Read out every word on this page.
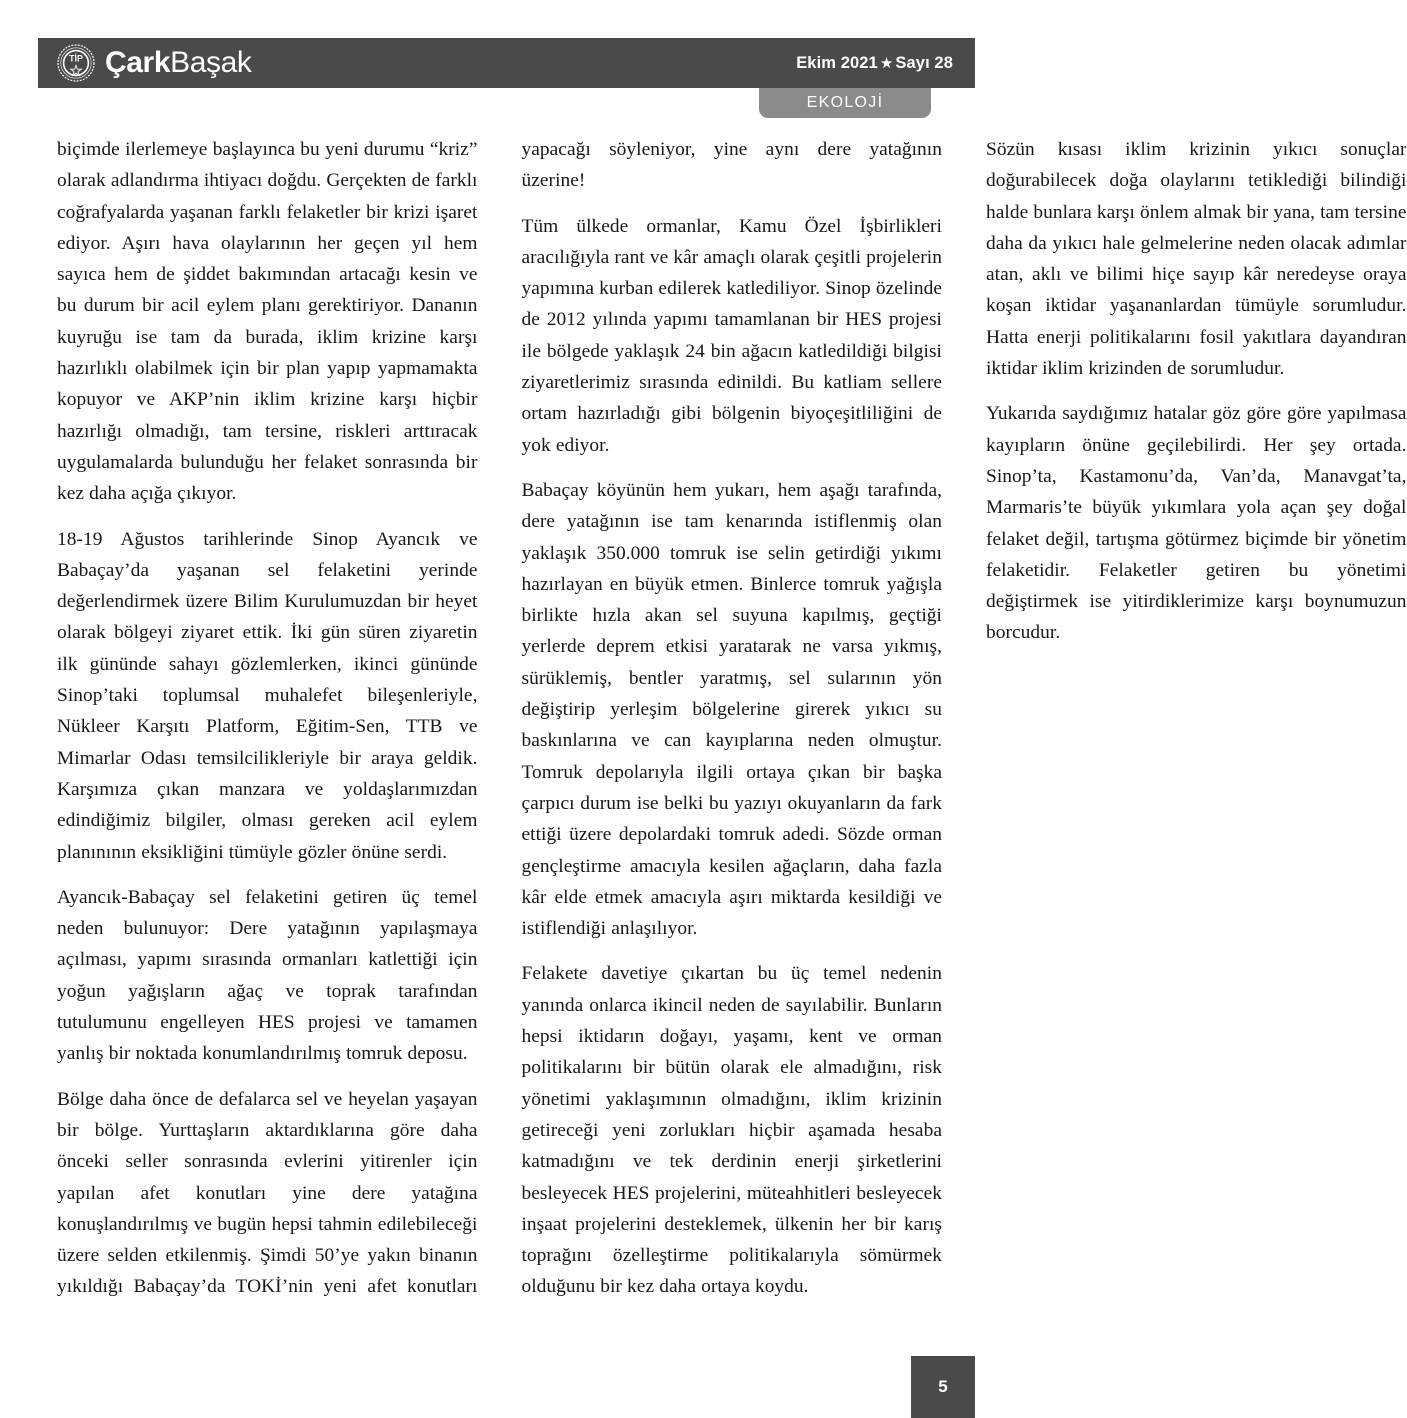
TİP ÇarkBaşak	Ekim 2021 ★ Sayı 28
EKOLOJİ

biçimde ilerlemeye başlayınca bu yeni durumu “kriz” olarak adlandırma ihtiyacı doğdu. Gerçekten de farklı coğrafyalarda yaşanan farklı felaketler bir krizi işaret ediyor. Aşırı hava olaylarının her geçen yıl hem sayıca hem de şiddet bakımından artacağı kesin ve bu durum bir acil eylem planı gerektiriyor. Dananın kuyruğu ise tam da burada, iklim krizine karşı hazırlıklı olabilmek için bir plan yapıp yapmamakta kopuyor ve AKP’nin iklim krizine karşı hiçbir hazırlığı olmadığı, tam tersine, riskleri arttıracak uygulamalarda bulunduğu her felaket sonrasında bir kez daha açığa çıkıyor.

18-19 Ağustos tarihlerinde Sinop Ayancık ve Babaçay’da yaşanan sel felaketini yerinde değerlendirmek üzere Bilim Kurulumuzdan bir heyet olarak bölgeyi ziyaret ettik. İki gün süren ziyaretin ilk gününde sahayı gözlemlerken, ikinci gününde Sinop’taki toplumsal muhalefet bileşenleriyle, Nükleer Karşıtı Platform, Eğitim-Sen, TTB ve Mimarlar Odası temsilcilikleriyle bir araya geldik. Karşımıza çıkan manzara ve yoldaşlarımızdan edindiğimiz bilgiler, olması gereken acil eylem planınının eksikliğini tümüyle gözler önüne serdi.

Ayancık-Babaçay sel felaketini getiren üç temel neden bulunuyor: Dere yatağının yapılaşmaya açılması, yapımı sırasında ormanları katlettiği için yoğun yağışların ağaç ve toprak tarafından tutulumunu engelleyen HES projesi ve tamamen yanlış bir noktada konumlandırılmış tomruk deposu.

Bölge daha önce de defalarca sel ve heyelan yaşayan bir bölge. Yurttaşların aktardıklarına göre daha önceki seller sonrasında evlerini yitirenler için yapılan afet konutları yine dere yatağına konuşlandırılmış ve bugün hepsi tahmin edilebileceği üzere selden etkilenmiş. Şimdi 50’ye yakın binanın yıkıldığı Babaçay’da TOKİ’nin yeni afet konutları yapacağı söyleniyor, yine aynı dere yatağının üzerine!

Tüm ülkede ormanlar, Kamu Özel İşbirlikleri aracılığıyla rant ve kâr amaçlı olarak çeşitli projelerin yapımına kurban edilerek katlediliyor. Sinop özelinde de 2012 yılında yapımı tamamlanan bir HES projesi ile bölgede yaklaşık 24 bin ağacın katledildiği bilgisi ziyaretlerimiz sırasında edinildi. Bu katliam sellere ortam hazırladığı gibi bölgenin biyoçeşitliliğini de yok ediyor.

Babaçay köyünün hem yukarı, hem aşağı tarafında, dere yatağının ise tam kenarında istiflenmiş olan yaklaşık 350.000 tomruk ise selin getirdiği yıkımı hazırlayan en büyük etmen. Binlerce tomruk yağışla birlikte hızla akan sel suyuna kapılmış, geçtiği yerlerde deprem etkisi yaratarak ne varsa yıkmış, sürüklemiş, bentler yaratmış, sel sularının yön değiştirip yerleşim bölgelerine girerek yıkıcı su baskınlarına ve can kayıplarına neden olmuştur. Tomruk depolarıyla ilgili ortaya çıkan bir başka çarpıcı durum ise belki bu yazıyı okuyanların da fark ettiği üzere depolardaki tomruk adedi. Sözde orman gençleştirme amacıyla kesilen ağaçların, daha fazla kâr elde etmek amacıyla aşırı miktarda kesildiği ve istiflendiği anlaşılıyor.

Felakete davetiye çıkartan bu üç temel nedenin yanında onlarca ikincil neden de sayılabilir. Bunların hepsi iktidarın doğayı, yaşamı, kent ve orman politikalarını bir bütün olarak ele almadığını, risk yönetimi yaklaşımının olmadığını, iklim krizinin getireceği yeni zorlukları hiçbir aşamada hesaba katmadığını ve tek derdinin enerji şirketlerini besleyecek HES projelerini, müteahhitleri besleyecek inşaat projelerini desteklemek, ülkenin her bir karış toprağını özelleştirme politikalarıyla sömürmek olduğunu bir kez daha ortaya koydu.

Sözün kısası iklim krizinin yıkıcı sonuçlar doğurabilecek doğa olaylarını tetiklediği bilindiği halde bunlara karşı önlem almak bir yana, tam tersine daha da yıkıcı hale gelmelerine neden olacak adımlar atan, aklı ve bilimi hiçe sayıp kâr neredeyse oraya koşan iktidar yaşananlardan tümüyle sorumludur. Hatta enerji politikalarını fosil yakıtlara dayandıran iktidar iklim krizinden de sorumludur.

Yukarıda saydığımız hatalar göz göre göre yapılmasa kayıpların önüne geçilebilirdi. Her şey ortada. Sinop’ta, Kastamonu’da, Van’da, Manavgat’ta, Marmaris’te büyük yıkımlara yola açan şey doğal felaket değil, tartışma götürmez biçimde bir yönetim felaketidir. Felaketler getiren bu yönetimi değiştirmek ise yitirdiklerimize karşı boynumuzun borcudur.

5
